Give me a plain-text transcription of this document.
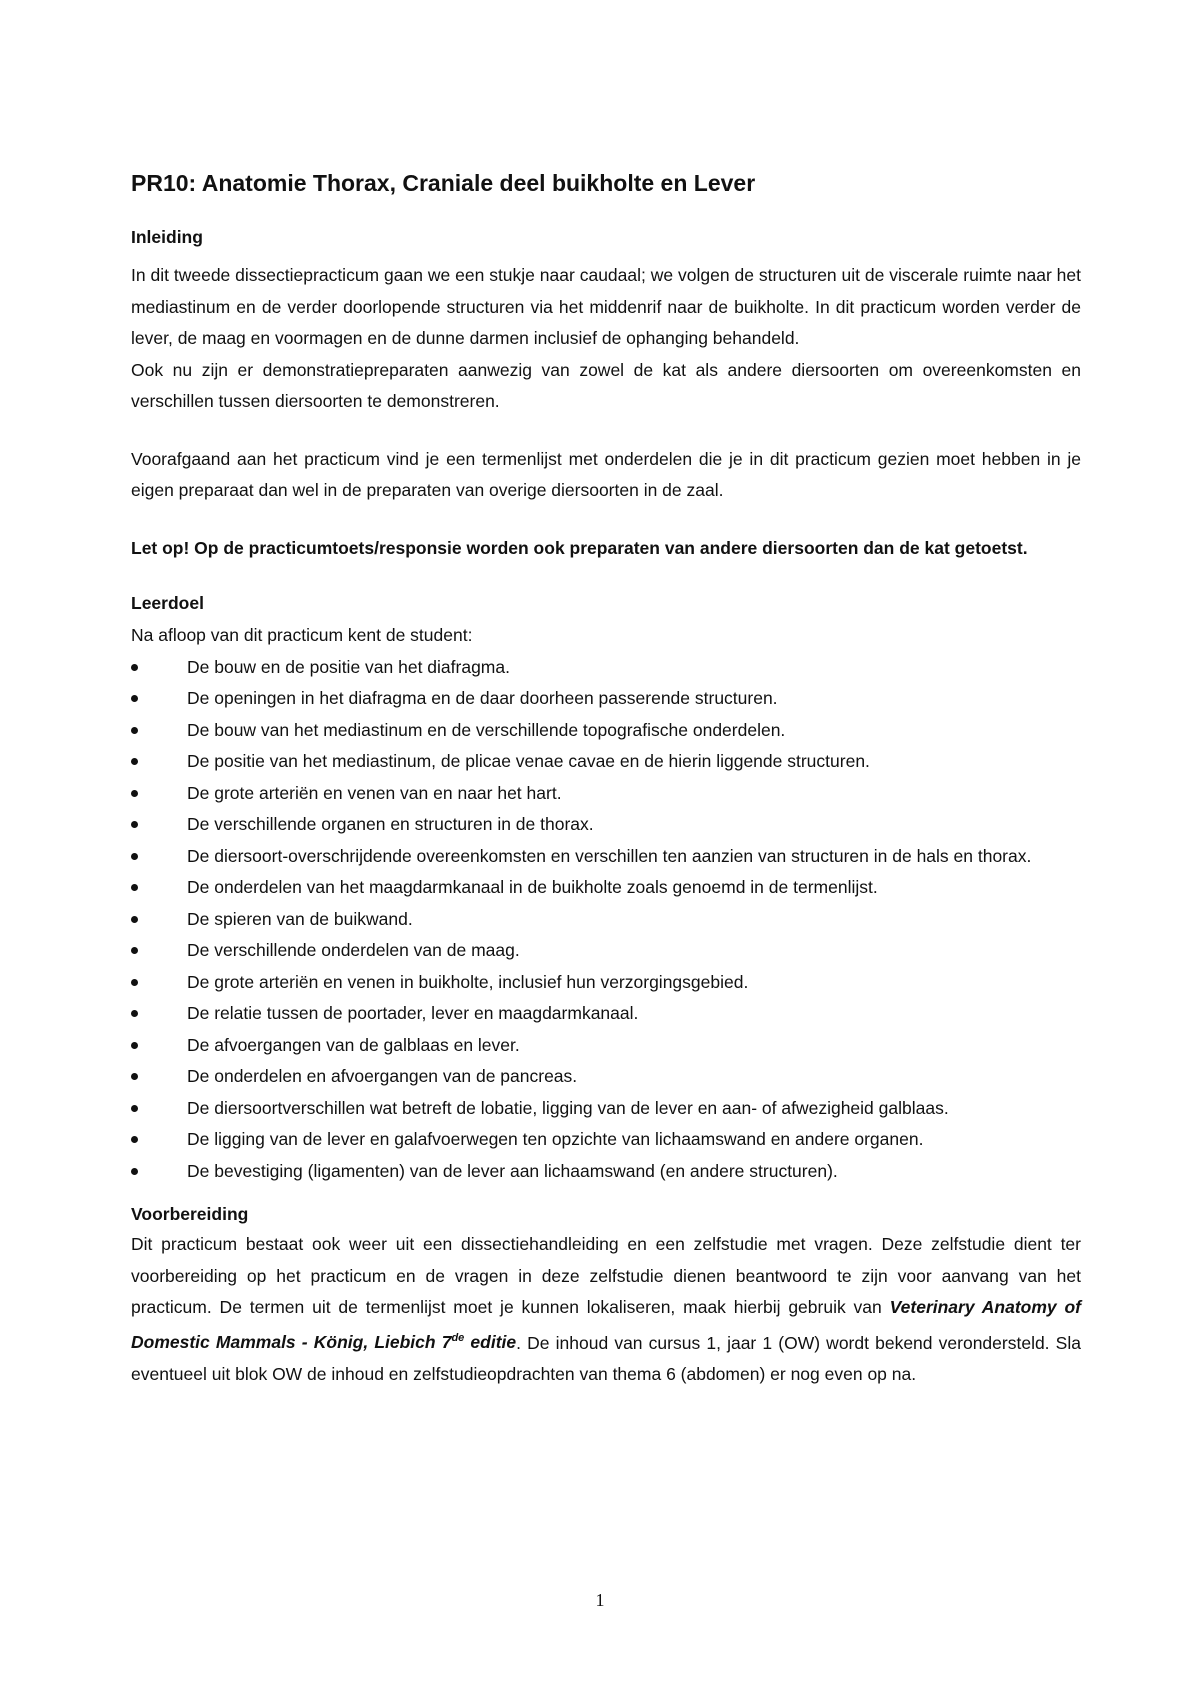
PR10: Anatomie Thorax, Craniale deel buikholte en Lever
Inleiding

In dit tweede dissectiepracticum gaan we een stukje naar caudaal; we volgen de structuren uit de viscerale ruimte naar het mediastinum en de verder doorlopende structuren via het middenrif naar de buikholte. In dit practicum worden verder de lever, de maag en voormagen en de dunne darmen inclusief de ophanging behandeld.

Ook nu zijn er demonstratiepreparaten aanwezig van zowel de kat als andere diersoorten om overeenkomsten en verschillen tussen diersoorten te demonstreren.

Voorafgaand aan het practicum vind je een termenlijst met onderdelen die je in dit practicum gezien moet hebben in je eigen preparaat dan wel in de preparaten van overige diersoorten in de zaal.

Let op! Op de practicumtoets/responsie worden ook preparaten van andere diersoorten dan de kat getoetst.

Leerdoel

Na afloop van dit practicum kent de student:

De bouw en de positie van het diafragma.
De openingen in het diafragma en de daar doorheen passerende structuren.
De bouw van het mediastinum en de verschillende topografische onderdelen.
De positie van het mediastinum, de plicae venae cavae en de hierin liggende structuren.
De grote arteriën en venen van en naar het hart.
De verschillende organen en structuren in de thorax.
De diersoort-overschrijdende overeenkomsten en verschillen ten aanzien van structuren in de hals en thorax.
De onderdelen van het maagdarmkanaal in de buikholte zoals genoemd in de termenlijst.
De spieren van de buikwand.
De verschillende onderdelen van de maag.
De grote arteriën en venen in buikholte, inclusief hun verzorgingsgebied.
De relatie tussen de poortader, lever en maagdarmkanaal.
De afvoergangen van de galblaas en lever.
De onderdelen en afvoergangen van de pancreas.
De diersoortverschillen wat betreft de lobatie, ligging van de lever en aan- of afwezigheid galblaas.
De ligging van de lever en galafvoerwegen ten opzichte van lichaamswand en andere organen.
De bevestiging (ligamenten) van de lever aan lichaamswand (en andere structuren).
Voorbereiding

Dit practicum bestaat ook weer uit een dissectiehandleiding en een zelfstudie met vragen. Deze zelfstudie dient ter voorbereiding op het practicum en de vragen in deze zelfstudie dienen beantwoord te zijn voor aanvang van het practicum. De termen uit de termenlijst moet je kunnen lokaliseren, maak hierbij gebruik van Veterinary Anatomy of Domestic Mammals - König, Liebich 7de editie. De inhoud van cursus 1, jaar 1 (OW) wordt bekend verondersteld. Sla eventueel uit blok OW de inhoud en zelfstudieopdrachten van thema 6 (abdomen) er nog even op na.

1
